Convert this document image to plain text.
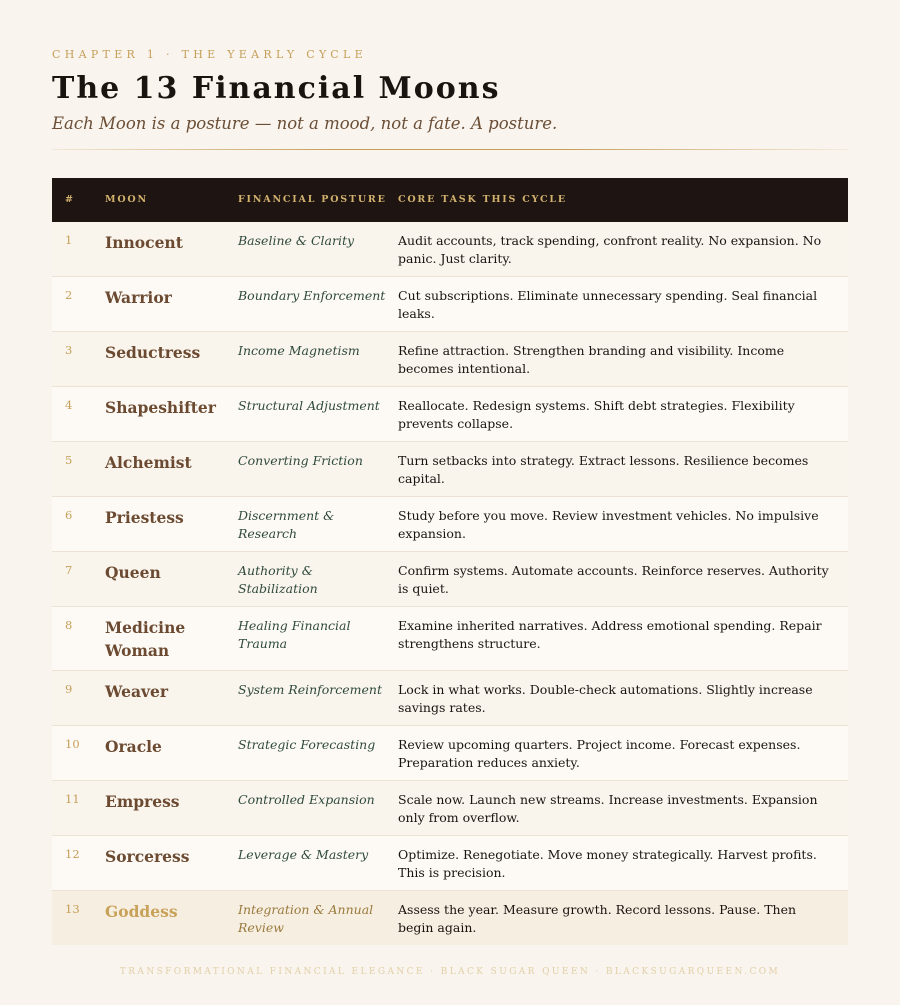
CHAPTER 1 · THE YEARLY CYCLE

The 13 Financial Moons

Each Moon is a posture — not a mood, not a fate. A posture.

#	MOON	FINANCIAL POSTURE	CORE TASK THIS CYCLE
1	Innocent	Baseline & Clarity	Audit accounts, track spending, confront reality. No expansion. No panic. Just clarity.
2	Warrior	Boundary Enforcement	Cut subscriptions. Eliminate unnecessary spending. Seal financial leaks.
3	Seductress	Income Magnetism	Refine attraction. Strengthen branding and visibility. Income becomes intentional.
4	Shapeshifter	Structural Adjustment	Reallocate. Redesign systems. Shift debt strategies. Flexibility prevents collapse.
5	Alchemist	Converting Friction	Turn setbacks into strategy. Extract lessons. Resilience becomes capital.
6	Priestess	Discernment & Research	Study before you move. Review investment vehicles. No impulsive expansion.
7	Queen	Authority & Stabilization	Confirm systems. Automate accounts. Reinforce reserves. Authority is quiet.
8	Medicine Woman	Healing Financial Trauma	Examine inherited narratives. Address emotional spending. Repair strengthens structure.
9	Weaver	System Reinforcement	Lock in what works. Double-check automations. Slightly increase savings rates.
10	Oracle	Strategic Forecasting	Review upcoming quarters. Project income. Forecast expenses. Preparation reduces anxiety.
11	Empress	Controlled Expansion	Scale now. Launch new streams. Increase investments. Expansion only from overflow.
12	Sorceress	Leverage & Mastery	Optimize. Renegotiate. Move money strategically. Harvest profits. This is precision.
13	Goddess	Integration & Annual Review	Assess the year. Measure growth. Record lessons. Pause. Then begin again.
TRANSFORMATIONAL FINANCIAL ELEGANCE · BLACK SUGAR QUEEN · BLACKSUGARQUEEN.COM
